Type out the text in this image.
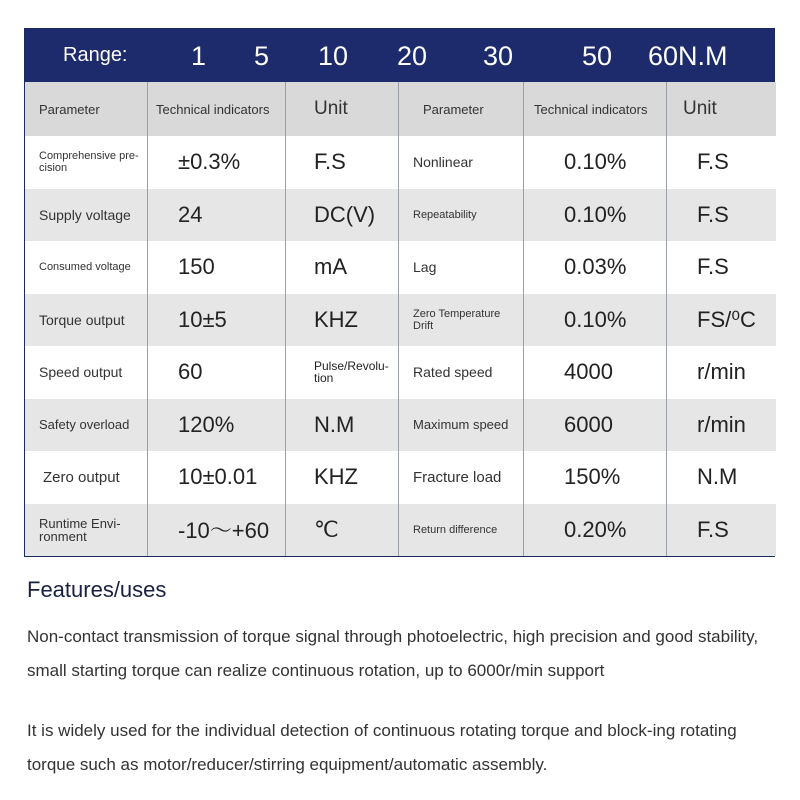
Range: 1 5 10 20 30	50 60N.M
Parameter	Technical indicators	Unit	Parameter	Technical indicators	Unit
Comprehensive pre-cision	±0.3%	F.S	Nonlinear	0.10%	F.S
Supply voltage	24	DC(V)	Repeatability	0.10%	F.S
Consumed voltage	150	mA	Lag	0.03%	F.S
Torque output	10±5	KHZ	Zero Temperature Drift	0.10%	FS/⁰C
Speed output	60	Pulse/Revolu-tion	Rated speed	4000	r/min
Safety overload	120%	N.M	Maximum speed	6000	r/min
Zero output	10±0.01	KHZ	Fracture load	150%	N.M
Runtime Envi-ronment	-10～+60	℃	Return difference	0.20%	F.S
Features/uses
Non-contact transmission of torque signal through photoelectric, high precision and good stability, small starting torque can realize continuous rotation, up to 6000r/min support
It is widely used for the individual detection of continuous rotating torque and block-ing rotating torque such as motor/reducer/stirring equipment/automatic assembly.
